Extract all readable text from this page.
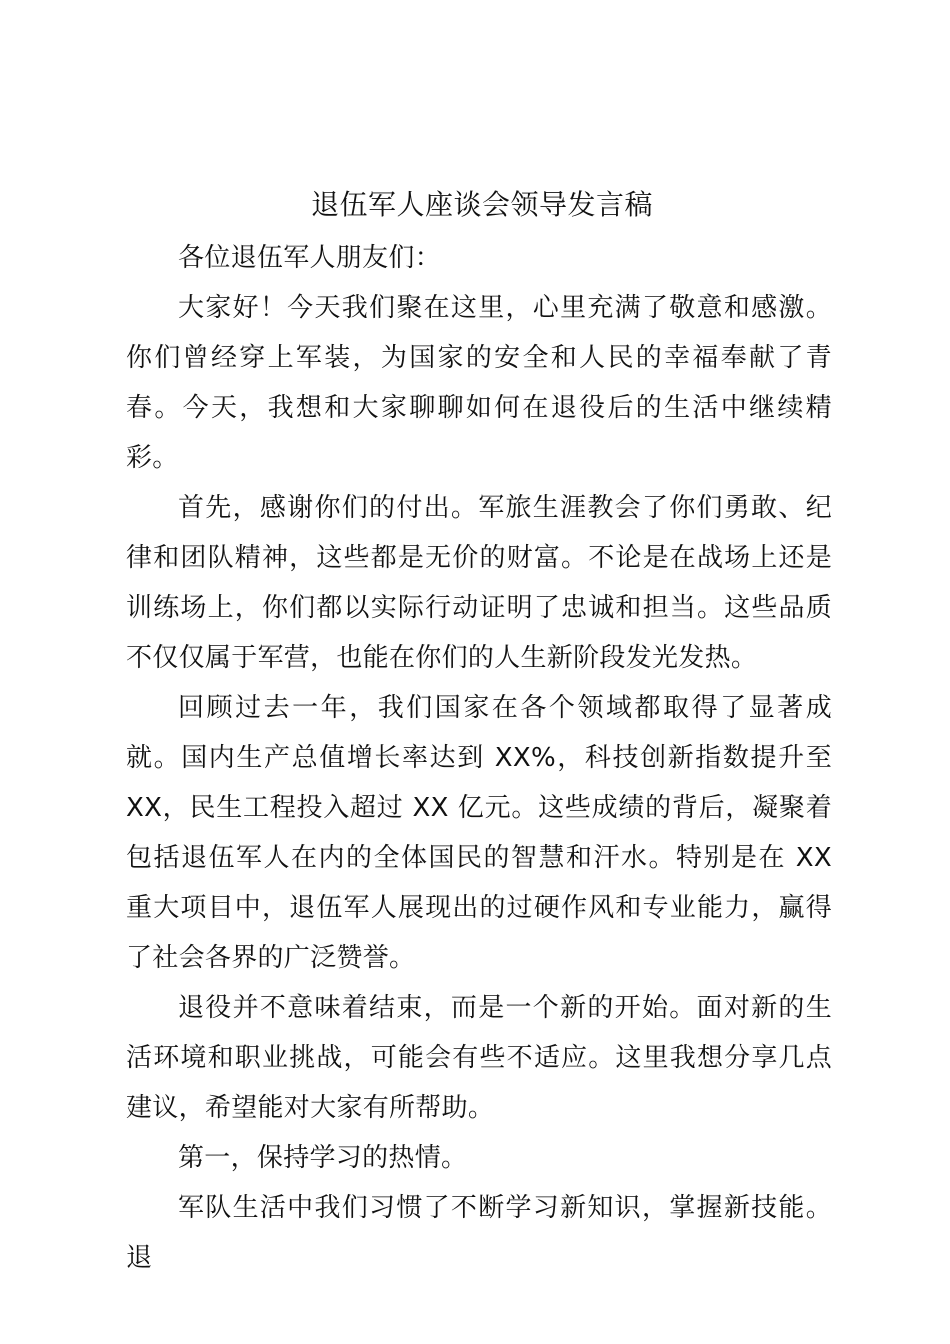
退伍军人座谈会领导发言稿

各位退伍军人朋友们：

大家好！今天我们聚在这里，心里充满了敬意和感激。你们曾经穿上军装，为国家的安全和人民的幸福奉献了青春。今天，我想和大家聊聊如何在退役后的生活中继续精彩。

首先，感谢你们的付出。军旅生涯教会了你们勇敢、纪律和团队精神，这些都是无价的财富。不论是在战场上还是训练场上，你们都以实际行动证明了忠诚和担当。这些品质不仅仅属于军营，也能在你们的人生新阶段发光发热。

回顾过去一年，我们国家在各个领域都取得了显著成就。国内生产总值增长率达到 XX%，科技创新指数提升至 XX，民生工程投入超过 XX 亿元。这些成绩的背后，凝聚着包括退伍军人在内的全体国民的智慧和汗水。特别是在 XX 重大项目中，退伍军人展现出的过硬作风和专业能力，赢得了社会各界的广泛赞誉。

退役并不意味着结束，而是一个新的开始。面对新的生活环境和职业挑战，可能会有些不适应。这里我想分享几点建议，希望能对大家有所帮助。

第一，保持学习的热情。

军队生活中我们习惯了不断学习新知识，掌握新技能。退
